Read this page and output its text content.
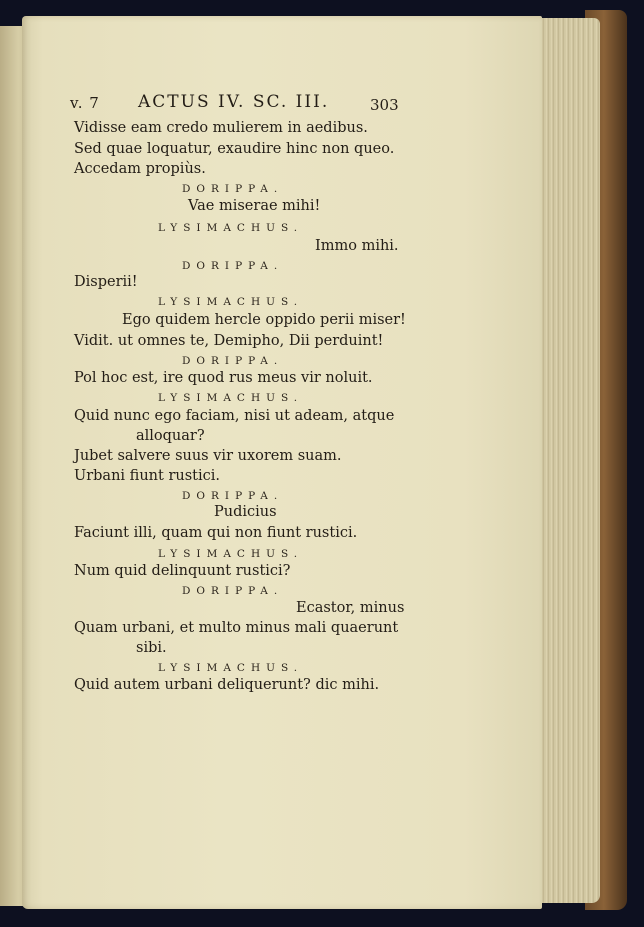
v. 7 ACTUS IV. SC. III.	303
Vidisse eam credo mulierem in aedibus.
Sed quae loquatur, exaudire hinc non queo.
Accedam propiùs.
DORIPPA.
Vae miserae mihi!
LYSIMACHUS.
Immo mihi.
DORIPPA.
Disperii!
LYSIMACHUS.
Ego quidem hercle oppido perii miser!
Vidit. ut omnes te, Demipho, Dii perduint!
DORIPPA.
Pol hoc est, ire quod rus meus vir noluit.
LYSIMACHUS.
Quid nunc ego faciam, nisi ut adeam, atque
alloquar?
Jubet salvere suus vir uxorem suam.
Urbani fiunt rustici.
DORIPPA.
Pudicius
Faciunt illi, quam qui non fiunt rustici.
LYSIMACHUS.
Num quid delinquunt rustici?
DORIPPA.
Ecastor, minus
Quam urbani, et multo minus mali quaerunt
sibi.
LYSIMACHUS.
Quid autem urbani deliquerunt? dic mihi.
